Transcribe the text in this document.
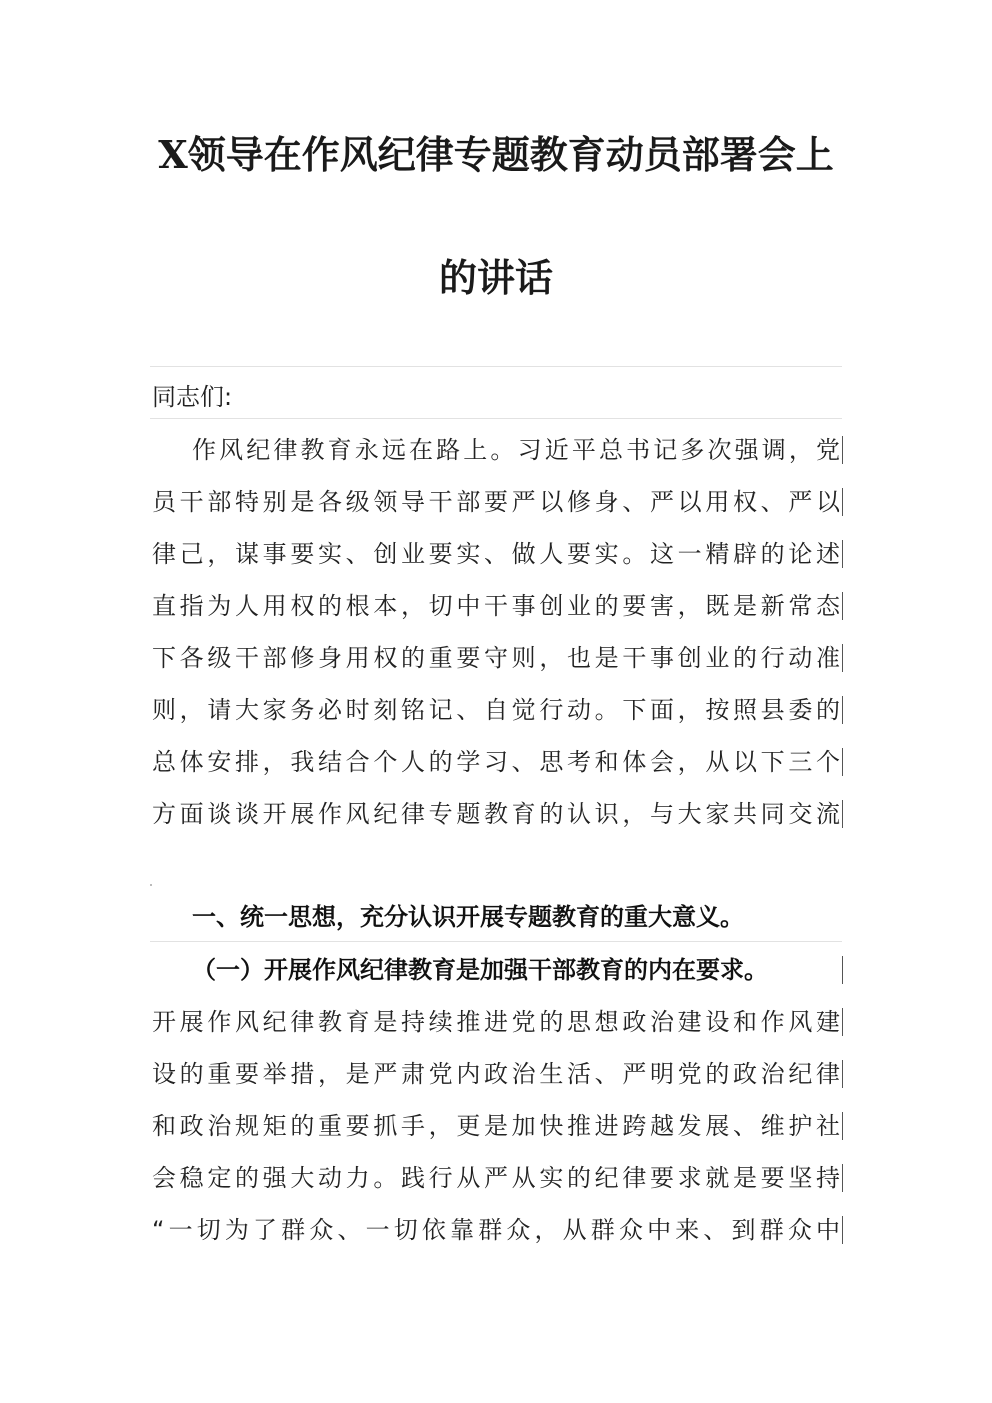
X领导在作风纪律专题教育动员部署会上
的讲话
同志们:
作风纪律教育永远在路上。习近平总书记多次强调，党
员干部特别是各级领导干部要严以修身、严以用权、严以
律己，谋事要实、创业要实、做人要实。这一精辟的论述
直指为人用权的根本，切中干事创业的要害，既是新常态
下各级干部修身用权的重要守则，也是干事创业的行动准
则，请大家务必时刻铭记、自觉行动。下面，按照县委的
总体安排，我结合个人的学习、思考和体会，从以下三个
方面谈谈开展作风纪律专题教育的认识，与大家共同交流
一、统一思想，充分认识开展专题教育的重大意义。
（一）开展作风纪律教育是加强干部教育的内在要求。
开展作风纪律教育是持续推进党的思想政治建设和作风建
设的重要举措，是严肃党内政治生活、严明党的政治纪律
和政治规矩的重要抓手，更是加快推进跨越发展、维护社
会稳定的强大动力。践行从严从实的纪律要求就是要坚持
“一切为了群众、一切依靠群众，从群众中来、到群众中
